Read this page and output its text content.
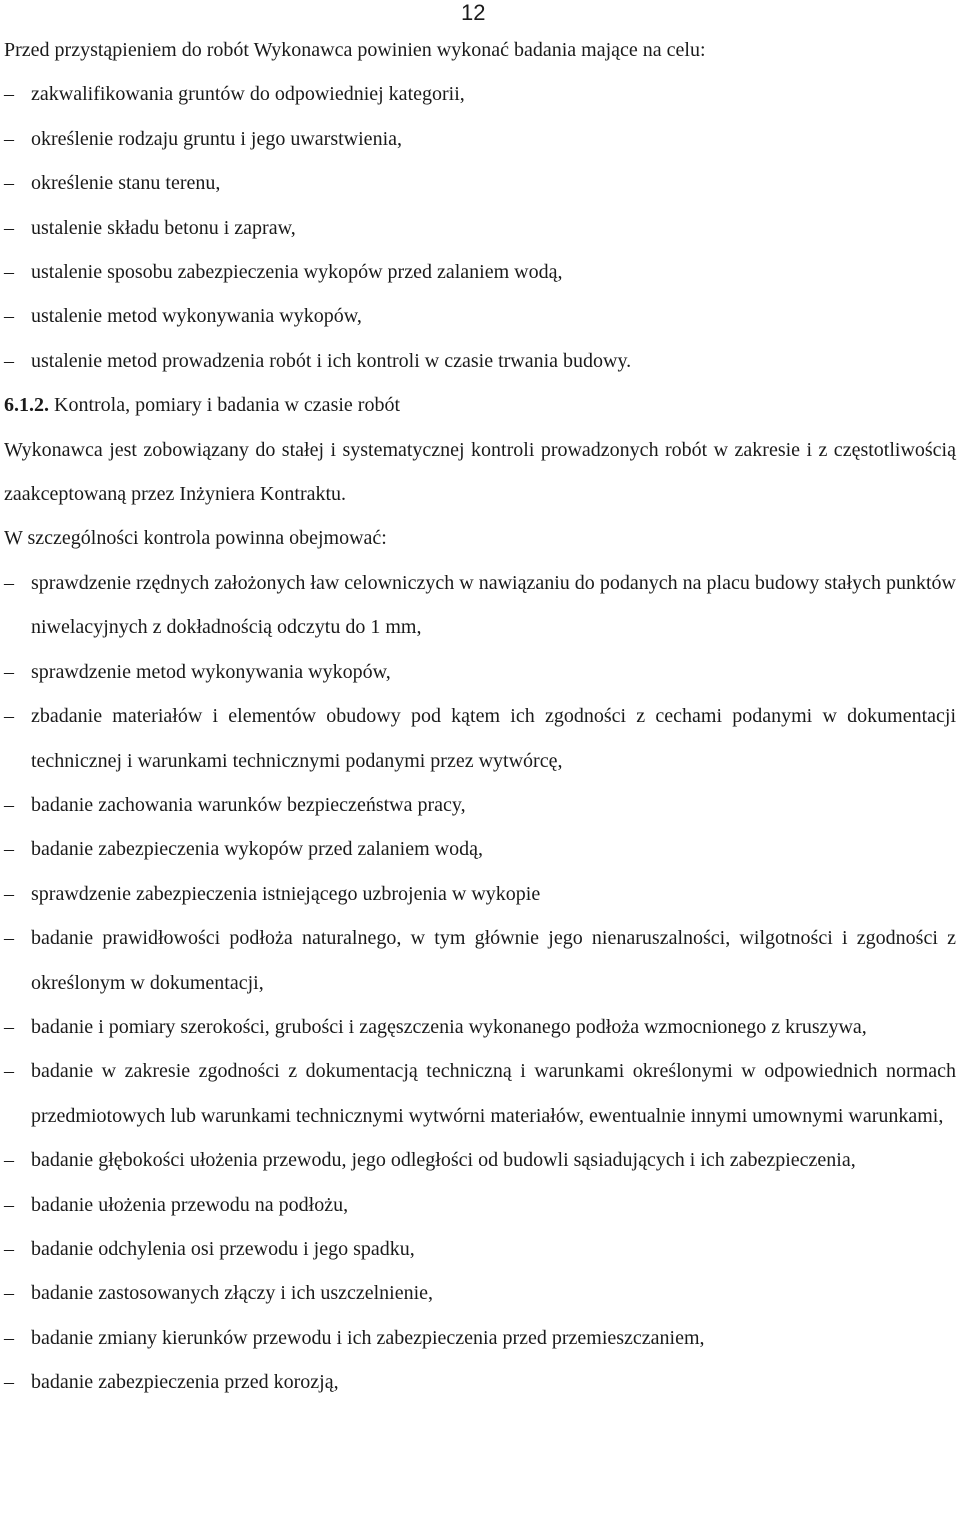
12

Przed przystąpieniem do robót Wykonawca powinien wykonać badania mające na celu:

– zakwalifikowania gruntów do odpowiedniej kategorii,

– określenie rodzaju gruntu i jego uwarstwienia,

– określenie stanu terenu,

– ustalenie składu betonu i zapraw,

– ustalenie sposobu zabezpieczenia wykopów przed zalaniem wodą,

– ustalenie metod wykonywania wykopów,

– ustalenie metod prowadzenia robót i ich kontroli w czasie trwania budowy.

6.1.2. Kontrola, pomiary i badania w czasie robót

Wykonawca jest zobowiązany do stałej i systematycznej kontroli prowadzonych robót w zakresie i z częstotliwością zaakceptowaną przez Inżyniera Kontraktu.

W szczególności kontrola powinna obejmować:

– sprawdzenie rzędnych założonych ław celowniczych w nawiązaniu do podanych na placu budowy stałych punktów niwelacyjnych z dokładnością odczytu do 1 mm,

– sprawdzenie metod wykonywania wykopów,

– zbadanie materiałów i elementów obudowy pod kątem ich zgodności z cechami podanymi w dokumentacji technicznej i warunkami technicznymi podanymi przez wytwórcę,

– badanie zachowania warunków bezpieczeństwa pracy,

– badanie zabezpieczenia wykopów przed zalaniem wodą,

– sprawdzenie zabezpieczenia istniejącego uzbrojenia w wykopie

– badanie prawidłowości podłoża naturalnego, w tym głównie jego nienaruszalności, wilgotności i zgodności z określonym w dokumentacji,

– badanie i pomiary szerokości, grubości i zagęszczenia wykonanego podłoża wzmocnionego z kruszywa,

– badanie w zakresie zgodności z dokumentacją techniczną i warunkami określonymi w odpowiednich normach przedmiotowych lub warunkami technicznymi wytwórni materiałów, ewentualnie innymi umownymi warunkami,

– badanie głębokości ułożenia przewodu, jego odległości od budowli sąsiadujących i ich zabezpieczenia,

– badanie ułożenia przewodu na podłożu,

– badanie odchylenia osi przewodu i jego spadku,

– badanie zastosowanych złączy i ich uszczelnienie,

– badanie zmiany kierunków przewodu i ich zabezpieczenia przed przemieszczaniem,

– badanie zabezpieczenia przed korozją,
